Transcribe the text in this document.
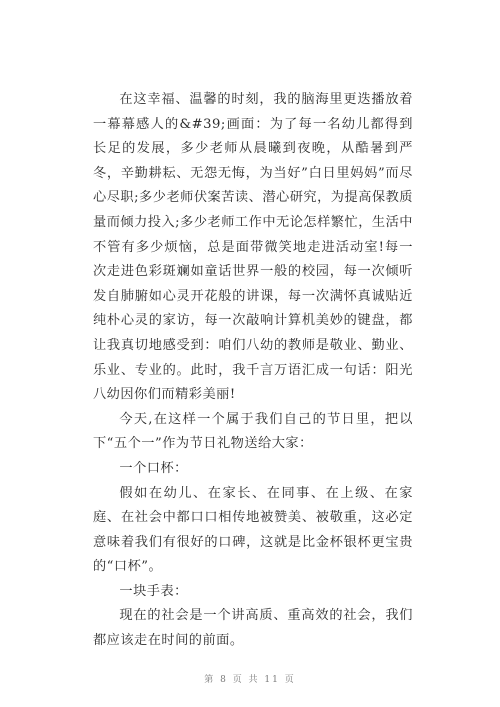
在这幸福、温馨的时刻，我的脑海里更迭播放着一幕幕感人的&#39;画面：为了每一名幼儿都得到长足的发展，多少老师从晨曦到夜晚，从酷暑到严冬，辛勤耕耘、无怨无悔，为当好”白日里妈妈”而尽心尽职;多少老师伏案苦读、潜心研究，为提高保教质量而倾力投入;多少老师工作中无论怎样繁忙，生活中不管有多少烦恼，总是面带微笑地走进活动室!每一次走进色彩斑斓如童话世界一般的校园，每一次倾听发自肺腑如心灵开花般的讲课，每一次满怀真诚贴近纯朴心灵的家访，每一次敲响计算机美妙的键盘，都让我真切地感受到：咱们八幼的教师是敬业、勤业、乐业、专业的。此时，我千言万语汇成一句话：阳光八幼因你们而精彩美丽!

今天,在这样一个属于我们自己的节日里，把以下“五个一”作为节日礼物送给大家：

一个口杯：

假如在幼儿、在家长、在同事、在上级、在家庭、在社会中都口口相传地被赞美、被敬重，这必定意味着我们有很好的口碑，这就是比金杯银杯更宝贵的“口杯”。

一块手表：

现在的社会是一个讲高质、重高效的社会，我们都应该走在时间的前面。

第 8 页 共 11 页
